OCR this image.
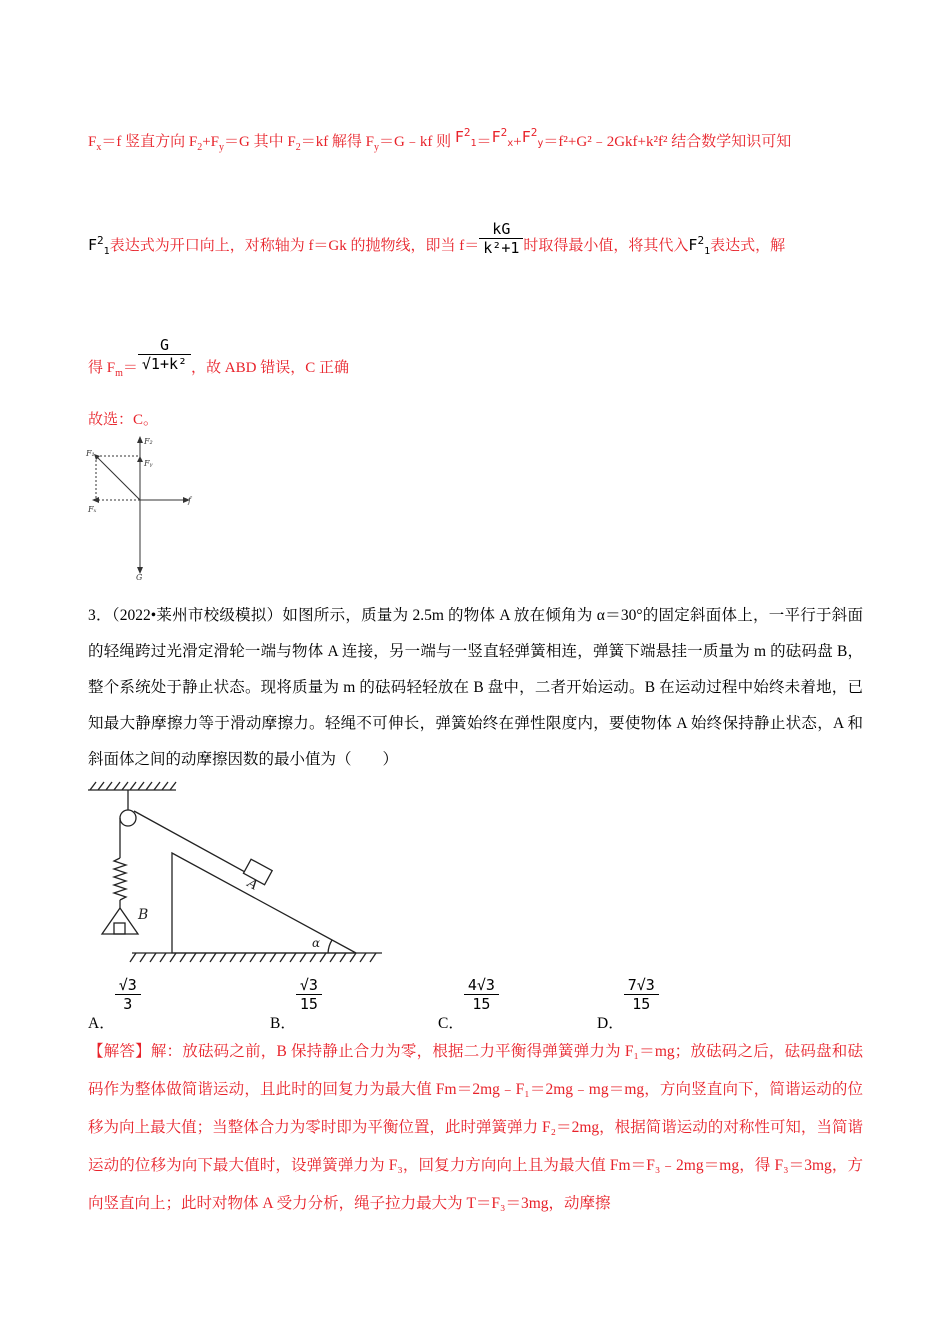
$F_x=f$ 竖直方向 $F_2+F_y=G$ 其中 $F_2=kf$ 解得 $F_y=G﹣kf$ 则 $F^2_1=F^2_x+F^2_y=f^2+G^2﹣2Gkf+k^2f^2$ 结合数学知识可知
$F^2_1$表达式为开口向上，对称轴为 f＝Gk 的抛物线，即当 $f= \frac{kG}{\text{k²+1}}$ 时取得最小值，将其代入$F^2_1$表达式，解
得 $F_m= \frac{G}{\text{√1+k²}}$ ，故 ABD 错误，C 正确
故选：C。
F₂
F₁
Fᵧ
f
Fₓ
G
3．（2022•莱州市校级模拟）如图所示，质量为 2.5m 的物体 A 放在倾角为 α＝30°的固定斜面体上，一平行于斜面的轻绳跨过光滑定滑轮一端与物体 A 连接，另一端与一竖直轻弹簧相连，弹簧下端悬挂一质量为 m 的砝码盘 B，整个系统处于静止状态。现将质量为 m 的砝码轻轻放在 B 盘中，二者开始运动。B 在运动过程中始终未着地，已知最大静摩擦力等于滑动摩擦力。轻绳不可伸长，弹簧始终在弹性限度内，要使物体 A 始终保持静止状态，A 和斜面体之间的动摩擦因数的最小值为（　　）
A
B
α
A．
$\frac{√3}{3}$
B．
$\frac{√3}{15}$
C．
$\frac{4√3}{15}$
D．
$\frac{7√3}{15}$
【解答】解：放砝码之前，B 保持静止合力为零，根据二力平衡得弹簧弹力为 F₁＝mg；放砝码之后，砝码盘和砝码作为整体做简谐运动，且此时的回复力为最大值 Fm＝2mg﹣F₁＝2mg﹣mg＝mg，方向竖直向下，简谐运动的位移为向上最大值；当整体合力为零时即为平衡位置，此时弹簧弹力 F₂＝2mg，根据简谐运动的对称性可知，当简谐运动的位移为向下最大值时，设弹簧弹力为 F₃，回复力方向向上且为最大值 Fm＝F₃﹣2mg＝mg，得 F₃＝3mg，方向竖直向上；此时对物体 A 受力分析，绳子拉力最大为 T＝F₃＝3mg，动摩擦
